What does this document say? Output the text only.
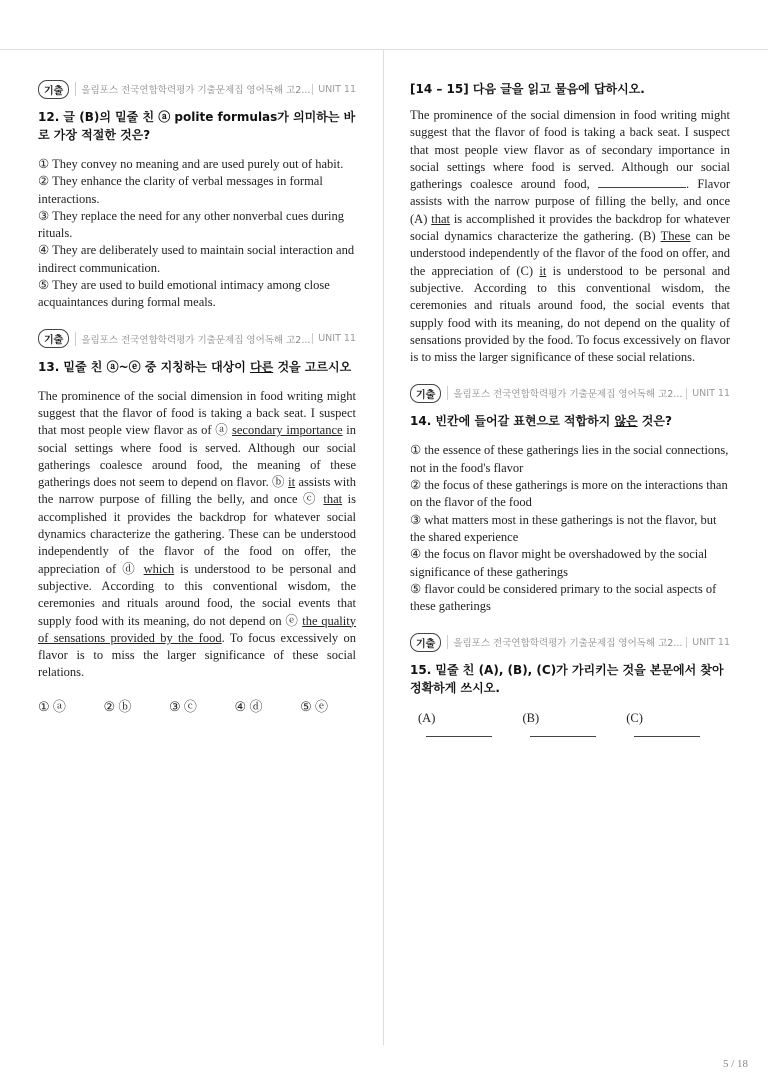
기출	올림포스 전국연합학력평가 기출문제집 영어독해 고2... UNIT 11
12. 글 (B)의 밑줄 친 ⓐ polite formulas가 의미하는 바로 가장 적절한 것은?

① They convey no meaning and are used purely out of habit.

② They enhance the clarity of verbal messages in formal interactions.

③ They replace the need for any other nonverbal cues during rituals.

④ They are deliberately used to maintain social interaction and indirect communication.

⑤ They are used to build emotional intimacy among close acquaintances during formal meals.

기출	올림포스 전국연합학력평가 기출문제집 영어독해 고2... UNIT 11
13. 밑줄 친 ⓐ~ⓔ 중 지칭하는 대상이 다른 것을 고르시오
The prominence of the social dimension in food writing might suggest that the flavor of food is taking a back seat. I suspect that most people view flavor as of ⓐ secondary importance in social settings where food is served. Although our social gatherings coalesce around food, the meaning of these gatherings does not seem to depend on flavor. ⓑ it assists with the narrow purpose of filling the belly, and once ⓒ that is accomplished it provides the backdrop for whatever social dynamics characterize the gathering. These can be understood independently of the flavor of the food on offer, the appreciation of ⓓ which is understood to be personal and subjective. According to this conventional wisdom, the ceremonies and rituals around food, the social events that supply food with its meaning, do not depend on ⓔ the quality of sensations provided by the food. To focus excessively on flavor is to miss the larger significance of these social relations.
① ⓐ	② ⓑ	③ ⓒ	④ ⓓ	⑤ ⓔ
[14 – 15] 다음 글을 읽고 물음에 답하시오.
The prominence of the social dimension in food writing might suggest that the flavor of food is taking a back seat. I suspect that most people view flavor as of secondary importance in social settings where food is served. Although our social gatherings coalesce around food,	. Flavor assists with the narrow purpose of filling the belly, and once (A) that is accomplished it provides the backdrop for whatever social dynamics characterize the gathering. (B) These can be understood independently of the flavor of the food on offer, and the appreciation of (C) it is understood to be personal and subjective. According to this conventional wisdom, the ceremonies and rituals around food, the social events that supply food with its meaning, do not depend on the quality of sensations provided by the food. To focus excessively on flavor is to miss the larger significance of these social relations.
기출	올림포스 전국연합학력평가 기출문제집 영어독해 고2...	UNIT 11
14. 빈칸에 들어갈 표현으로 적합하지 않은 것은?

① the essence of these gatherings lies in the social connections, not in the food's flavor

② the focus of these gatherings is more on the interactions than on the flavor of the food

③ what matters most in these gatherings is not the flavor, but the shared experience

④ the focus on flavor might be overshadowed by the social significance of these gatherings

⑤ flavor could be considered primary to the social aspects of these gatherings

기출	올림포스 전국연합학력평가 기출문제집 영어독해 고2...	UNIT 11
15. 밑줄 친 (A), (B), (C)가 가리키는 것을 본문에서 찾아 정확하게 쓰시오.
(A)	(B)	(C)
5 / 18
